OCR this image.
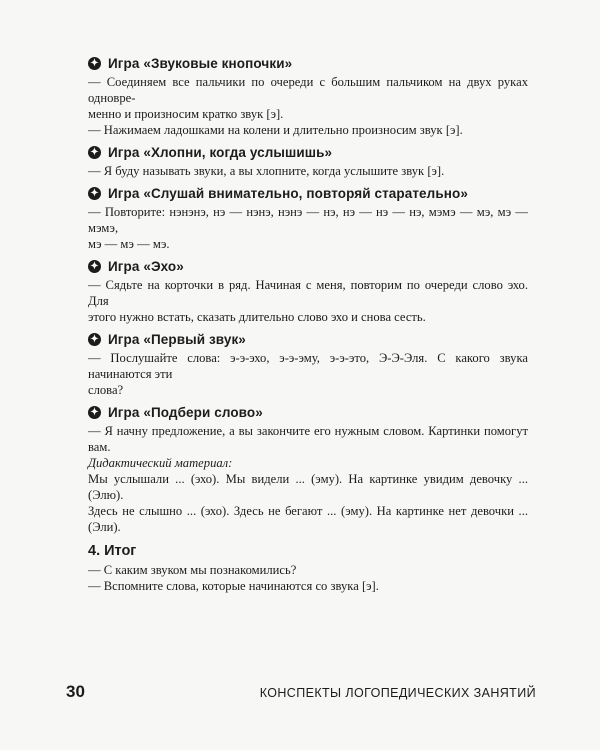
✦ Игра «Звуковые кнопочки»
— Соединяем все пальчики по очереди с большим пальчиком на двух руках одновре-
менно и произносим кратко звук [э].
— Нажимаем ладошками на колени и длительно произносим звук [э].
✦ Игра «Хлопни, когда услышишь»
— Я буду называть звуки, а вы хлопните, когда услышите звук [э].
✦ Игра «Слушай внимательно, повторяй старательно»
— Повторите: нэнэнэ, нэ — нэнэ, нэнэ — нэ, нэ — нэ — нэ, мэмэ — мэ, мэ — мэмэ,
мэ — мэ — мэ.
✦ Игра «Эхо»
— Сядьте на корточки в ряд. Начиная с меня, повторим по очереди слово эхо. Для
этого нужно встать, сказать длительно слово эхо и снова сесть.
✦ Игра «Первый звук»
— Послушайте слова: э-э-эхо, э-э-эму, э-э-это, Э-Э-Эля. С какого звука начинаются эти
слова?
✦ Игра «Подбери слово»
— Я начну предложение, а вы закончите его нужным словом. Картинки помогут вам.
Дидактический материал:
Мы услышали ... (эхо). Мы видели ... (эму). На картинке увидим девочку ... (Элю).
Здесь не слышно ... (эхо). Здесь не бегают ... (эму). На картинке нет девочки ... (Эли).
4. Итог
— С каким звуком мы познакомились?
— Вспомните слова, которые начинаются со звука [э].
30	КОНСПЕКТЫ ЛОГОПЕДИЧЕСКИХ ЗАНЯТИЙ
